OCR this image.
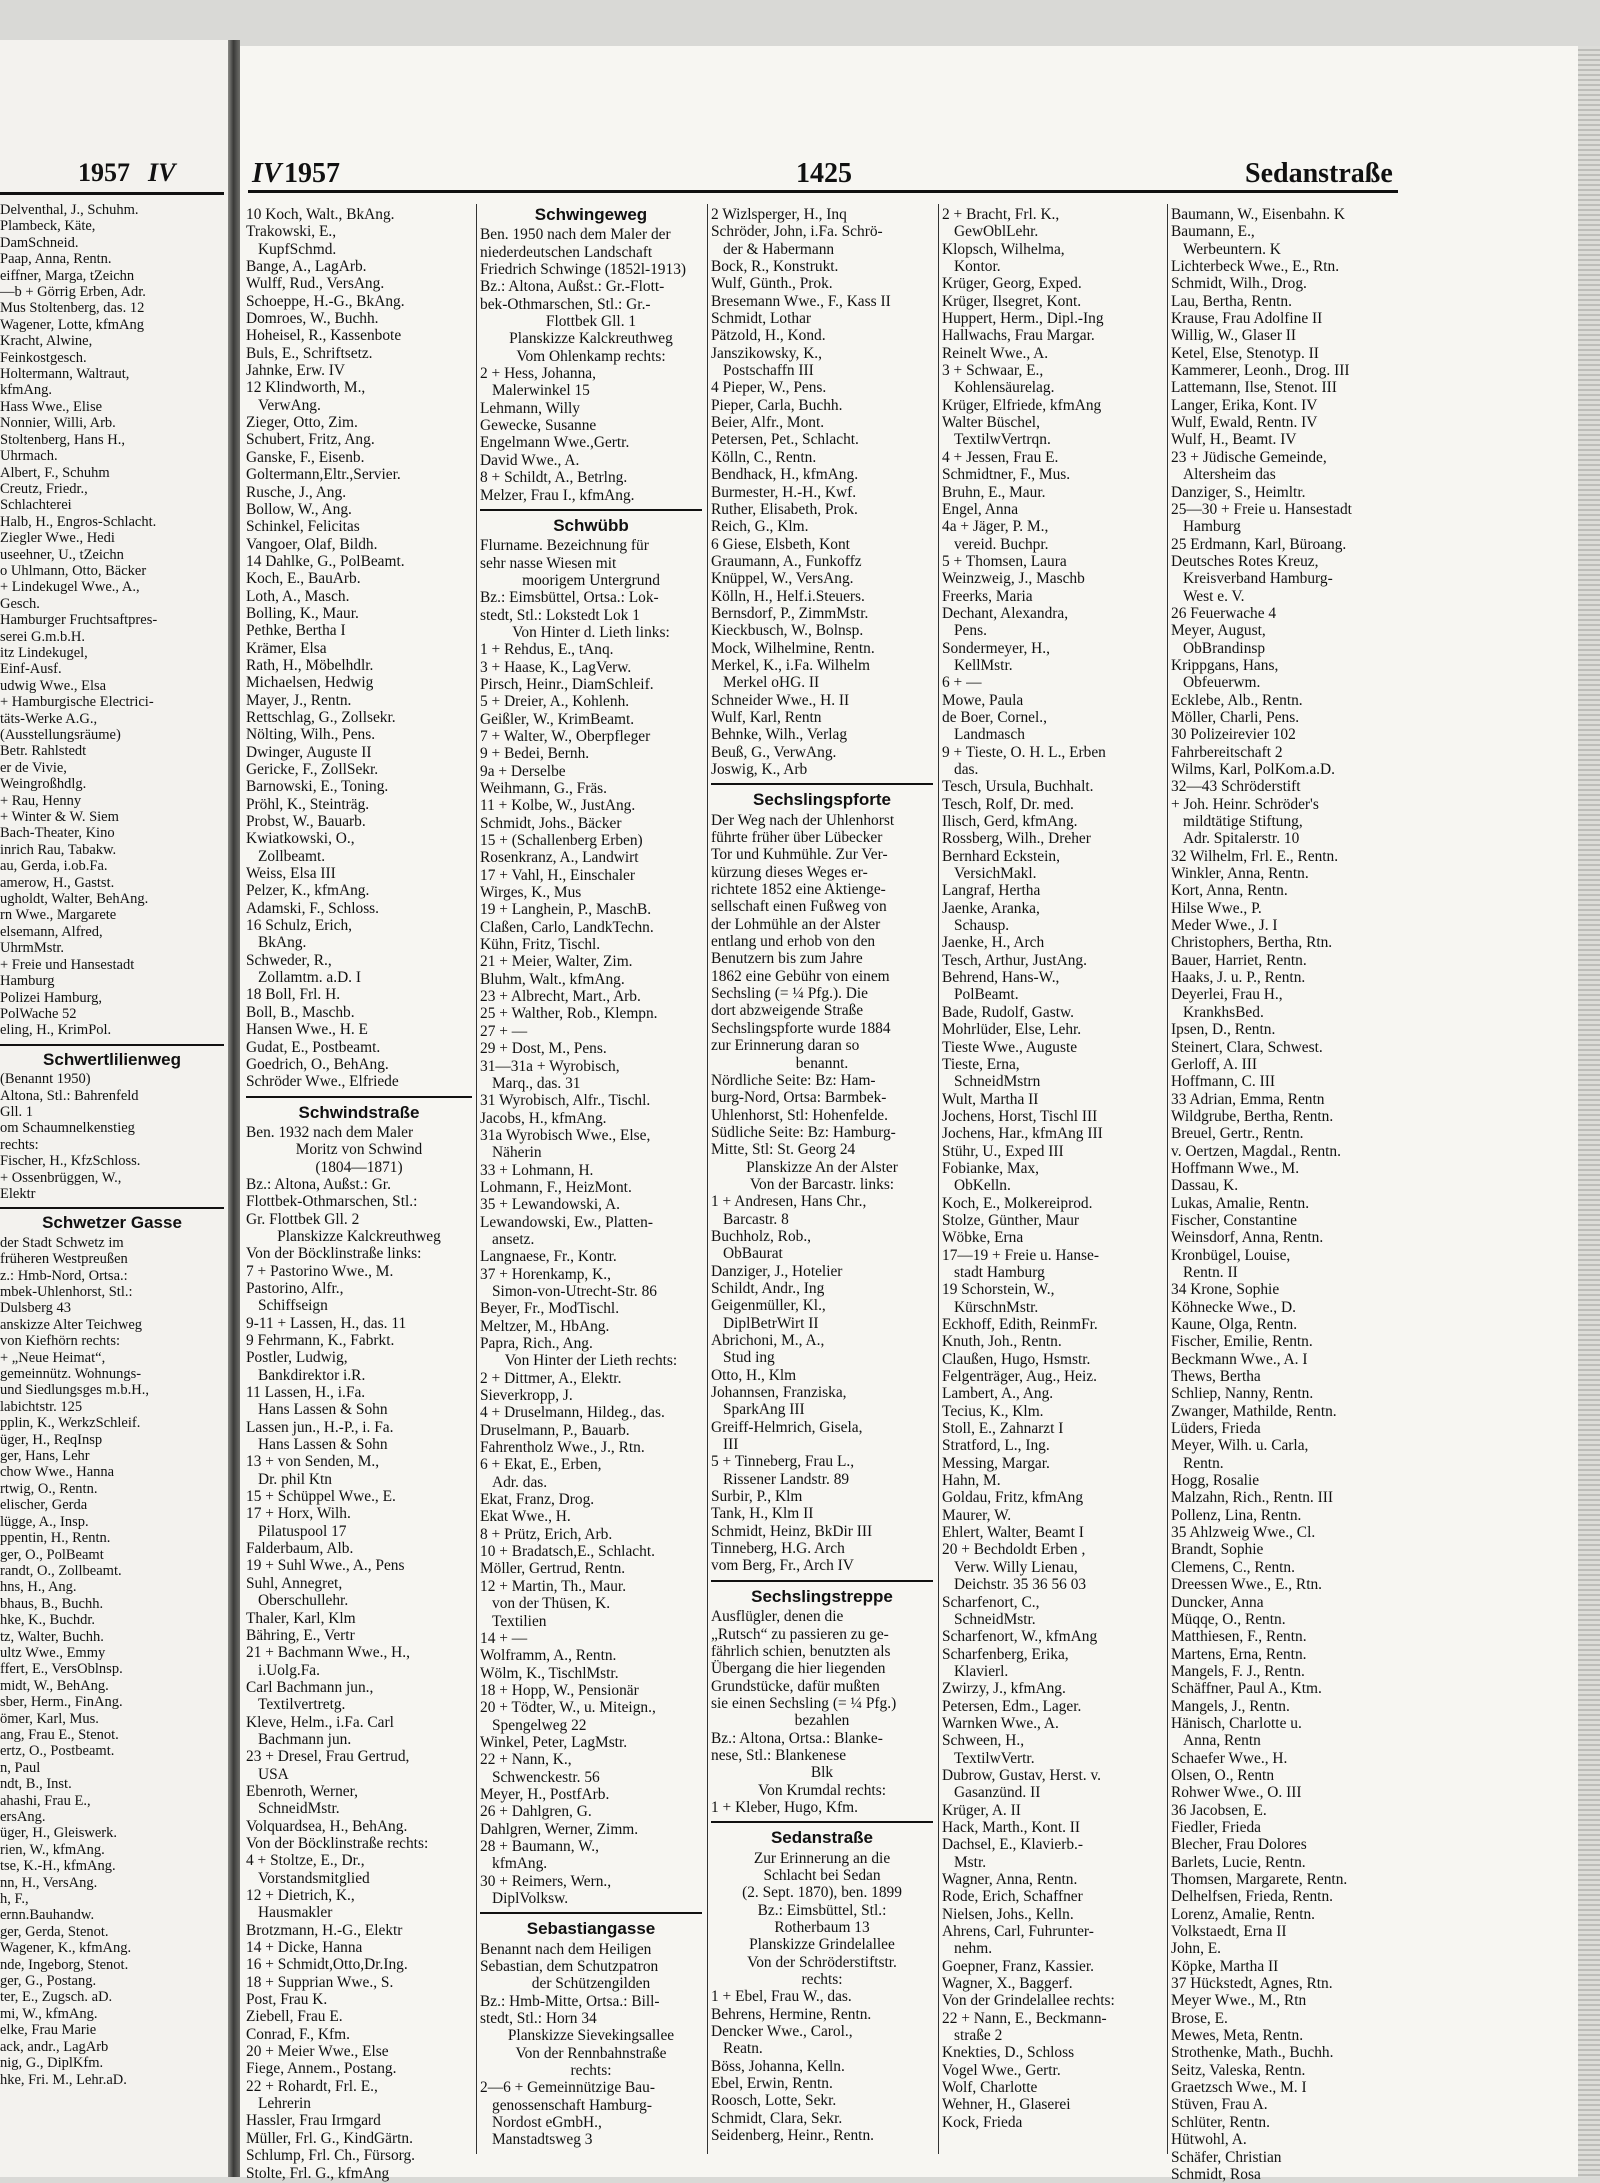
1957 IV
Delventhal, J., Schuhm.
Plambeck, Käte,
DamSchneid.
Paap, Anna, Rentn.
eiffner, Marga, tZeichn
—b + Görrig Erben, Adr.
Mus Stoltenberg, das. 12
Wagener, Lotte, kfmAng
Kracht, Alwine,
Feinkostgesch.
Holtermann, Waltraut,
kfmAng.
Hass Wwe., Elise
Nonnier, Willi, Arb.
Stoltenberg, Hans H.,
Uhrmach.
Albert, F., Schuhm
Creutz, Friedr.,
Schlachterei
Halb, H., Engros-Schlacht.
Ziegler Wwe., Hedi
useehner, U., tZeichn
o Uhlmann, Otto, Bäcker
+ Lindekugel Wwe., A.,
Gesch.
Hamburger Fruchtsaftpres-
serei G.m.b.H.
itz Lindekugel,
Einf-Ausf.
udwig Wwe., Elsa
+ Hamburgische Electrici-
täts-Werke A.G.,
(Ausstellungsräume)
Betr. Rahlstedt
er de Vivie,
Weingroßhdlg.
+ Rau, Henny
+ Winter & W. Siem
Bach-Theater, Kino
inrich Rau, Tabakw.
au, Gerda, i.ob.Fa.
amerow, H., Gastst.
ugholdt, Walter, BehAng.
rn Wwe., Margarete
elsemann, Alfred,
UhrmMstr.
+ Freie und Hansestadt
Hamburg
Polizei Hamburg,
PolWache 52
eling, H., KrimPol.
Schwertlilienweg
(Benannt 1950)
Altona, Stl.: Bahrenfeld
Gll. 1
om Schaumnelkenstieg
rechts:
Fischer, H., KfzSchloss.
+ Ossenbrüggen, W.,
Elektr
Schwetzer Gasse
der Stadt Schwetz im
früheren Westpreußen
z.: Hmb-Nord, Ortsa.:
mbek-Uhlenhorst, Stl.:
Dulsberg 43
anskizze Alter Teichweg
von Kiefhörn rechts:
+ „Neue Heimat“,
gemeinnütz. Wohnungs-
und Siedlungsges m.b.H.,
labichtstr. 125
pplin, K., WerkzSchleif.
üger, H., ReqInsp
ger, Hans, Lehr
chow Wwe., Hanna
rtwig, O., Rentn.
elischer, Gerda
lügge, A., Insp.
ppentin, H., Rentn.
ger, O., PolBeamt
randt, O., Zollbeamt.
hns, H., Ang.
bhaus, B., Buchh.
hke, K., Buchdr.
tz, Walter, Buchh.
ultz Wwe., Emmy
ffert, E., VersOblnsp.
midt, W., BehAng.
sber, Herm., FinAng.
ömer, Karl, Mus.
ang, Frau E., Stenot.
ertz, O., Postbeamt.
n, Paul
ndt, B., Inst.
ahashi, Frau E.,
ersAng.
üger, H., Gleiswerk.
rien, W., kfmAng.
tse, K.-H., kfmAng.
nn, H., VersAng.
h, F.,
ernn.Bauhandw.
ger, Gerda, Stenot.
Wagener, K., kfmAng.
nde, Ingeborg, Stenot.
ger, G., Postang.
ter, E., Zugsch. aD.
mi, W., kfmAng.
elke, Frau Marie
ack, andr., LagArb
nig, G., DiplKfm.
hke, Fri. M., Lehr.aD.
IV 1957	1425	Sedanstraße
10 Koch, Walt., BkAng.
Trakowski, E.,
KupfSchmd.
Bange, A., LagArb.
Wulff, Rud., VersAng.
Schoeppe, H.-G., BkAng.
Domroes, W., Buchh.
Hoheisel, R., Kassenbote
Buls, E., Schriftsetz.
Jahnke, Erw. IV
12 Klindworth, M.,
VerwAng.
Zieger, Otto, Zim.
Schubert, Fritz, Ang.
Ganske, F., Eisenb.
Goltermann,Eltr.,Servier.
Rusche, J., Ang.
Bollow, W., Ang.
Schinkel, Felicitas
Vangoer, Olaf, Bildh.
14 Dahlke, G., PolBeamt.
Koch, E., BauArb.
Loth, A., Masch.
Bolling, K., Maur.
Pethke, Bertha I
Krämer, Elsa
Rath, H., Möbelhdlr.
Michaelsen, Hedwig
Mayer, J., Rentn.
Rettschlag, G., Zollsekr.
Nölting, Wilh., Pens.
Dwinger, Auguste II
Gericke, F., ZollSekr.
Barnowski, E., Toning.
Pröhl, K., Steinträg.
Probst, W., Bauarb.
Kwiatkowski, O.,
Zollbeamt.
Weiss, Elsa III
Pelzer, K., kfmAng.
Adamski, F., Schloss.
16 Schulz, Erich,
BkAng.
Schweder, R.,
Zollamtm. a.D. I
18 Boll, Frl. H.
Boll, B., Maschb.
Hansen Wwe., H. E
Gudat, E., Postbeamt.
Goedrich, O., BehAng.
Schröder Wwe., Elfriede
Schwindstraße
Ben. 1932 nach dem Maler
Moritz von Schwind
(1804—1871)
Bz.: Altona, Außst.: Gr.
Flottbek-Othmarschen, Stl.:
Gr. Flottbek Gll. 2
Planskizze Kalckreuthweg
Von der Böcklinstraße links:
7 + Pastorino Wwe., M.
Pastorino, Alfr.,
Schiffseign
9-11 + Lassen, H., das. 11
9 Fehrmann, K., Fabrkt.
Postler, Ludwig,
Bankdirektor i.R.
11 Lassen, H., i.Fa.
Hans Lassen & Sohn
Lassen jun., H.-P., i. Fa.
Hans Lassen & Sohn
13 + von Senden, M.,
Dr. phil Ktn
15 + Schüppel Wwe., E.
17 + Horx, Wilh.
Pilatuspool 17
Falderbaum, Alb.
19 + Suhl Wwe., A., Pens
Suhl, Annegret,
Oberschullehr.
Thaler, Karl, Klm
Bähring, E., Vertr
21 + Bachmann Wwe., H.,
i.Uolg.Fa.
Carl Bachmann jun.,
Textilvertretg.
Kleve, Helm., i.Fa. Carl
Bachmann jun.
23 + Dresel, Frau Gertrud,
USA
Ebenroth, Werner,
SchneidMstr.
Volquardsea, H., BehAng.
Von der Böcklinstraße rechts:
4 + Stoltze, E., Dr.,
Vorstandsmitglied
12 + Dietrich, K.,
Hausmakler
Brotzmann, H.-G., Elektr
14 + Dicke, Hanna
16 + Schmidt,Otto,Dr.Ing.
18 + Supprian Wwe., S.
Post, Frau K.
Ziebell, Frau E.
Conrad, F., Kfm.
20 + Meier Wwe., Else
Fiege, Annem., Postang.
22 + Rohardt, Frl. E.,
Lehrerin
Hassler, Frau Irmgard
Müller, Frl. G., KindGärtn.
Schlump, Frl. Ch., Fürsorg.
Stolte, Frl. G., kfmAng
Schwingeweg
Ben. 1950 nach dem Maler der
niederdeutschen Landschaft
Friedrich Schwinge (1852l-1913)
Bz.: Altona, Außst.: Gr.-Flott-
bek-Othmarschen, Stl.: Gr.-
Flottbek Gll. 1
Planskizze Kalckreuthweg
Vom Ohlenkamp rechts:
2 + Hess, Johanna,
Malerwinkel 15
Lehmann, Willy
Gewecke, Susanne
Engelmann Wwe.,Gertr.
David Wwe., A.
8 + Schildt, A., Betrlng.
Melzer, Frau I., kfmAng.
Schwübb
Flurname. Bezeichnung für
sehr nasse Wiesen mit
moorigem Untergrund
Bz.: Eimsbüttel, Ortsa.: Lok-
stedt, Stl.: Lokstedt Lok 1
Von Hinter d. Lieth links:
1 + Rehdus, E., tAnq.
3 + Haase, K., LagVerw.
Pirsch, Heinr., DiamSchleif.
5 + Dreier, A., Kohlenh.
Geißler, W., KrimBeamt.
7 + Walter, W., Oberpfleger
9 + Bedei, Bernh.
9a + Derselbe
Weihmann, G., Fräs.
11 + Kolbe, W., JustAng.
Schmidt, Johs., Bäcker
15 + (Schallenberg Erben)
Rosenkranz, A., Landwirt
17 + Vahl, H., Einschaler
Wirges, K., Mus
19 + Langhein, P., MaschB.
Claßen, Carlo, LandkTechn.
Kühn, Fritz, Tischl.
21 + Meier, Walter, Zim.
Bluhm, Walt., kfmAng.
23 + Albrecht, Mart., Arb.
25 + Walther, Rob., Klempn.
27 + —
29 + Dost, M., Pens.
31—31a + Wyrobisch,
Marq., das. 31
31 Wyrobisch, Alfr., Tischl.
Jacobs, H., kfmAng.
31a Wyrobisch Wwe., Else,
Näherin
33 + Lohmann, H.
Lohmann, F., HeizMont.
35 + Lewandowski, A.
Lewandowski, Ew., Platten-
ansetz.
Langnaese, Fr., Kontr.
37 + Horenkamp, K.,
Simon-von-Utrecht-Str. 86
Beyer, Fr., ModTischl.
Meltzer, M., HbAng.
Papra, Rich., Ang.
Von Hinter der Lieth rechts:
2 + Dittmer, A., Elektr.
Sieverkropp, J.
4 + Druselmann, Hildeg., das.
Druselmann, P., Bauarb.
Fahrentholz Wwe., J., Rtn.
6 + Ekat, E., Erben,
Adr. das.
Ekat, Franz, Drog.
Ekat Wwe., H.
8 + Prütz, Erich, Arb.
10 + Bradatsch,E., Schlacht.
Möller, Gertrud, Rentn.
12 + Martin, Th., Maur.
von der Thüsen, K.
Textilien
14 + —
Wolframm, A., Rentn.
Wölm, K., TischlMstr.
18 + Hopp, W., Pensionär
20 + Tödter, W., u. Miteign.,
Spengelweg 22
Winkel, Peter, LagMstr.
22 + Nann, K.,
Schwenckestr. 56
Meyer, H., PostfArb.
26 + Dahlgren, G.
Dahlgren, Werner, Zimm.
28 + Baumann, W.,
kfmAng.
30 + Reimers, Wern.,
DiplVolksw.
Sebastiangasse
Benannt nach dem Heiligen
Sebastian, dem Schutzpatron
der Schützengilden
Bz.: Hmb-Mitte, Ortsa.: Bill-
stedt, Stl.: Horn 34
Planskizze Sievekingsallee
Von der Rennbahnstraße
rechts:
2—6 + Gemeinnützige Bau-
genossenschaft Hamburg-
Nordost eGmbH.,
Manstadtsweg 3
2 Wizlsperger, H., Inq
Schröder, John, i.Fa. Schrö-
der & Habermann
Bock, R., Konstrukt.
Wulf, Günth., Prok.
Bresemann Wwe., F., Kass II
Schmidt, Lothar
Pätzold, H., Kond.
Janszikowsky, K.,
Postschaffn III
4 Pieper, W., Pens.
Pieper, Carla, Buchh.
Beier, Alfr., Mont.
Petersen, Pet., Schlacht.
Kölln, C., Rentn.
Bendhack, H., kfmAng.
Burmester, H.-H., Kwf.
Ruther, Elisabeth, Prok.
Reich, G., Klm.
6 Giese, Elsbeth, Kont
Graumann, A., Funkoffz
Knüppel, W., VersAng.
Kölln, H., Helf.i.Steuers.
Bernsdorf, P., ZimmMstr.
Kieckbusch, W., Bolnsp.
Mock, Wilhelmine, Rentn.
Merkel, K., i.Fa. Wilhelm
Merkel oHG. II
Schneider Wwe., H. II
Wulf, Karl, Rentn
Behnke, Wilh., Verlag
Beuß, G., VerwAng.
Joswig, K., Arb
Sechslingspforte
Der Weg nach der Uhlenhorst
führte früher über Lübecker
Tor und Kuhmühle. Zur Ver-
kürzung dieses Weges er-
richtete 1852 eine Aktienge-
sellschaft einen Fußweg von
der Lohmühle an der Alster
entlang und erhob von den
Benutzern bis zum Jahre
1862 eine Gebühr von einem
Sechsling (= ¼ Pfg.). Die
dort abzweigende Straße
Sechslingspforte wurde 1884
zur Erinnerung daran so
benannt.
Nördliche Seite: Bz: Ham-
burg-Nord, Ortsa: Barmbek-
Uhlenhorst, Stl: Hohenfelde.
Südliche Seite: Bz: Hamburg-
Mitte, Stl: St. Georg 24
Planskizze An der Alster
Von der Barcastr. links:
1 + Andresen, Hans Chr.,
Barcastr. 8
Buchholz, Rob.,
ObBaurat
Danziger, J., Hotelier
Schildt, Andr., Ing
Geigenmüller, Kl.,
DiplBetrWirt II
Abrichoni, M., A.,
Stud ing
Otto, H., Klm
Johannsen, Franziska,
SparkAng III
Greiff-Helmrich, Gisela,
III
5 + Tinneberg, Frau L.,
Rissener Landstr. 89
Surbir, P., Klm
Tank, H., Klm II
Schmidt, Heinz, BkDir III
Tinneberg, H.G. Arch
vom Berg, Fr., Arch IV
Sechslingstreppe
Ausflügler, denen die
„Rutsch“ zu passieren zu ge-
fährlich schien, benutzten als
Übergang die hier liegenden
Grundstücke, dafür mußten
sie einen Sechsling (= ¼ Pfg.)
bezahlen
Bz.: Altona, Ortsa.: Blanke-
nese, Stl.: Blankenese
Blk
Von Krumdal rechts:
1 + Kleber, Hugo, Kfm.
Sedanstraße
Zur Erinnerung an die
Schlacht bei Sedan
(2. Sept. 1870), ben. 1899
Bz.: Eimsbüttel, Stl.:
Rotherbaum 13
Planskizze Grindelallee
Von der Schröderstiftstr.
rechts:
1 + Ebel, Frau W., das.
Behrens, Hermine, Rentn.
Dencker Wwe., Carol.,
Reatn.
Böss, Johanna, Kelln.
Ebel, Erwin, Rentn.
Roosch, Lotte, Sekr.
Schmidt, Clara, Sekr.
Seidenberg, Heinr., Rentn.
2 + Bracht, Frl. K.,
GewOblLehr.
Klopsch, Wilhelma,
Kontor.
Krüger, Georg, Exped.
Krüger, Ilsegret, Kont.
Huppert, Herm., Dipl.-Ing
Hallwachs, Frau Margar.
Reinelt Wwe., A.
3 + Schwaar, E.,
Kohlensäurelag.
Krüger, Elfriede, kfmAng
Walter Büschel,
TextilwVertrqn.
4 + Jessen, Frau E.
Schmidtner, F., Mus.
Bruhn, E., Maur.
Engel, Anna
4a + Jäger, P. M.,
vereid. Buchpr.
5 + Thomsen, Laura
Weinzweig, J., Maschb
Freerks, Maria
Dechant, Alexandra,
Pens.
Sondermeyer, H.,
KellMstr.
6 + —
Mowe, Paula
de Boer, Cornel.,
Landmasch
9 + Tieste, O. H. L., Erben
das.
Tesch, Ursula, Buchhalt.
Tesch, Rolf, Dr. med.
Ilisch, Gerd, kfmAng.
Rossberg, Wilh., Dreher
Bernhard Eckstein,
VersichMakl.
Langraf, Hertha
Jaenke, Aranka,
Schausp.
Jaenke, H., Arch
Tesch, Arthur, JustAng.
Behrend, Hans-W.,
PolBeamt.
Bade, Rudolf, Gastw.
Mohrlüder, Else, Lehr.
Tieste Wwe., Auguste
Tieste, Erna,
SchneidMstrn
Wult, Martha II
Jochens, Horst, Tischl III
Jochens, Har., kfmAng III
Stühr, U., Exped III
Fobianke, Max,
ObKelln.
Koch, E., Molkereiprod.
Stolze, Günther, Maur
Wöbke, Erna
17—19 + Freie u. Hanse-
stadt Hamburg
19 Schorstein, W.,
KürschnMstr.
Eckhoff, Edith, ReinmFr.
Knuth, Joh., Rentn.
Claußen, Hugo, Hsmstr.
Felgenträger, Aug., Heiz.
Lambert, A., Ang.
Tecius, K., Klm.
Stoll, E., Zahnarzt I
Stratford, L., Ing.
Messing, Margar.
Hahn, M.
Goldau, Fritz, kfmAng
Maurer, W.
Ehlert, Walter, Beamt I
20 + Bechdoldt Erben ,
Verw. Willy Lienau,
Deichstr. 35 36 56 03
Scharfenort, C.,
SchneidMstr.
Scharfenort, W., kfmAng
Scharfenberg, Erika,
Klavierl.
Zwirzy, J., kfmAng.
Petersen, Edm., Lager.
Warnken Wwe., A.
Schween, H.,
TextilwVertr.
Dubrow, Gustav, Herst. v.
Gasanzünd. II
Krüger, A. II
Hack, Marth., Kont. II
Dachsel, E., Klavierb.-
Mstr.
Wagner, Anna, Rentn.
Rode, Erich, Schaffner
Nielsen, Johs., Kelln.
Ahrens, Carl, Fuhrunter-
nehm.
Goepner, Franz, Kassier.
Wagner, X., Baggerf.
Von der Grindelallee rechts:
22 + Nann, E., Beckmann-
straße 2
Knekties, D., Schloss
Vogel Wwe., Gertr.
Wolf, Charlotte
Wehner, H., Glaserei
Kock, Frieda
Baumann, W., Eisenbahn. K
Baumann, E.,
Werbeuntern. K
Lichterbeck Wwe., E., Rtn.
Schmidt, Wilh., Drog.
Lau, Bertha, Rentn.
Krause, Frau Adolfine II
Willig, W., Glaser II
Ketel, Else, Stenotyp. II
Kammerer, Leonh., Drog. III
Lattemann, Ilse, Stenot. III
Langer, Erika, Kont. IV
Wulf, Ewald, Rentn. IV
Wulf, H., Beamt. IV
23 + Jüdische Gemeinde,
Altersheim das
Danziger, S., Heimltr.
25—30 + Freie u. Hansestadt
Hamburg
25 Erdmann, Karl, Büroang.
Deutsches Rotes Kreuz,
Kreisverband Hamburg-
West e. V.
26 Feuerwache 4
Meyer, August,
ObBrandinsp
Krippgans, Hans,
Obfeuerwm.
Ecklebe, Alb., Rentn.
Möller, Charli, Pens.
30 Polizeirevier 102
Fahrbereitschaft 2
Wilms, Karl, PolKom.a.D.
32—43 Schröderstift
+ Joh. Heinr. Schröder's
mildtätige Stiftung,
Adr. Spitalerstr. 10
32 Wilhelm, Frl. E., Rentn.
Winkler, Anna, Rentn.
Kort, Anna, Rentn.
Hilse Wwe., P.
Meder Wwe., J. I
Christophers, Bertha, Rtn.
Bauer, Harriet, Rentn.
Haaks, J. u. P., Rentn.
Deyerlei, Frau H.,
KrankhsBed.
Ipsen, D., Rentn.
Steinert, Clara, Schwest.
Gerloff, A. III
Hoffmann, C. III
33 Adrian, Emma, Rentn
Wildgrube, Bertha, Rentn.
Breuel, Gertr., Rentn.
v. Oertzen, Magdal., Rentn.
Hoffmann Wwe., M.
Dassau, K.
Lukas, Amalie, Rentn.
Fischer, Constantine
Weinsdorf, Anna, Rentn.
Kronbügel, Louise,
Rentn. II
34 Krone, Sophie
Köhnecke Wwe., D.
Kaune, Olga, Rentn.
Fischer, Emilie, Rentn.
Beckmann Wwe., A. I
Thews, Bertha
Schliep, Nanny, Rentn.
Zwanger, Mathilde, Rentn.
Lüders, Frieda
Meyer, Wilh. u. Carla,
Rentn.
Hogg, Rosalie
Malzahn, Rich., Rentn. III
Pollenz, Lina, Rentn.
35 Ahlzweig Wwe., Cl.
Brandt, Sophie
Clemens, C., Rentn.
Dreessen Wwe., E., Rtn.
Duncker, Anna
Müqqe, O., Rentn.
Matthiesen, F., Rentn.
Martens, Erna, Rentn.
Mangels, F. J., Rentn.
Schäffner, Paul A., Ktm.
Mangels, J., Rentn.
Hänisch, Charlotte u.
Anna, Rentn
Schaefer Wwe., H.
Olsen, O., Rentn
Rohwer Wwe., O. III
36 Jacobsen, E.
Fiedler, Frieda
Blecher, Frau Dolores
Barlets, Lucie, Rentn.
Thomsen, Margarete, Rentn.
Delhelfsen, Frieda, Rentn.
Lorenz, Amalie, Rentn.
Volkstaedt, Erna II
John, E.
Köpke, Martha II
37 Hückstedt, Agnes, Rtn.
Meyer Wwe., M., Rtn
Brose, E.
Mewes, Meta, Rentn.
Strothenke, Math., Buchh.
Seitz, Valeska, Rentn.
Graetzsch Wwe., M. I
Stüven, Frau A.
Schlüter, Rentn.
Hütwohl, A.
Schäfer, Christian
Schmidt, Rosa
